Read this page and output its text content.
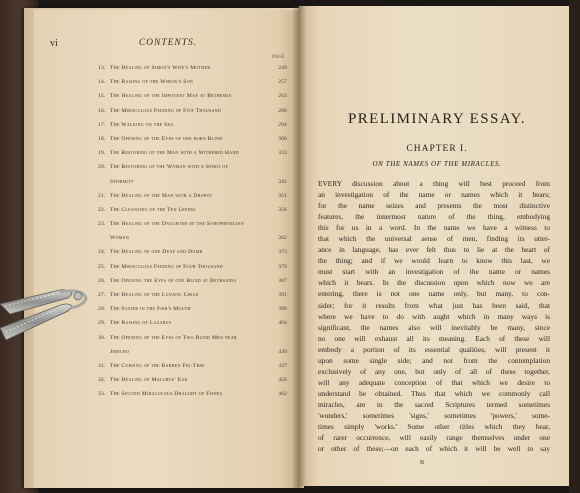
vi	CONTENTS.
PAGE
13. The Healing of Simon's Wife's Mother	249
14. The Raising of the Widow's Son	257
15. The Healing of the Impotent Man at Bethesda	263
16. The Miraculous Feeding of Five Thousand	280
17. The Walking on the Sea	294
18. The Opening of the Eyes of one born Blind	306
19. The Restoring of the Man with a Withered Hand	333
20. The Restoring of the Woman with a Spirit of
Infirmity	341
21. The Healing of the Man with a Dropsy	351
22. The Cleansing of the Ten Lepers	356
23. The Healing of the Daughter of the Syrophenician
Woman	362
24. The Healing of one Deaf and Dumb	373
25. The Miraculous Feeding of Four Thousand	379
26. The Opening the Eyes of one Blind at Bethsaida	387
27. The Healing of the Lunatic Child	391
28. The Stater in the Fish's Mouth	398
29. The Raising of Lazarus	404
30. The Opening of the Eyes of Two Blind Men near
Jericho	430
31. The Cursing of the Barren Fig-Tree	437
32. The Healing of Malchus' Ear	456
33. The Second Miraculous Draught of Fishes	462
PRELIMINARY ESSAY.
CHAPTER I.
ON THE NAMES OF THE MIRACLES.
EVERY discussion about a thing will best proceed from
an investigation of the name or names which it bears;
for the name seizes and presents the most distinctive
features, the innermost nature of the thing, embodying
this for us in a word. In the name we have a witness to
that which the universal sense of men, finding its utter-
ance in language, has ever felt thus to lie at the heart of
the thing; and if we would learn to know this last, we
must start with an investigation of the name or names
which it bears. In the discussion upon which now we are
entering, there is not one name only, but many, to con-
sider; for it results from what just has been said, that
where we have to do with aught which in many ways is
significant, the names also will inevitably be many, since
no one will exhaust all its meaning. Each of these will
embody a portion of its essential qualities, will present it
upon some single side; and not from the contemplation
exclusively of any one, but only of all of these together,
will any adequate conception of that which we desire to
understand be obtained. Thus that which we commonly call
miracles, are in the sacred Scriptures termed sometimes
'wonders,' sometimes 'signs,' sometimes 'powers,' some-
times simply 'works.' Some other titles which they bear,
of rarer occurrence, will easily range themselves under one
or other of these;—on each of which it will be well to say
B
